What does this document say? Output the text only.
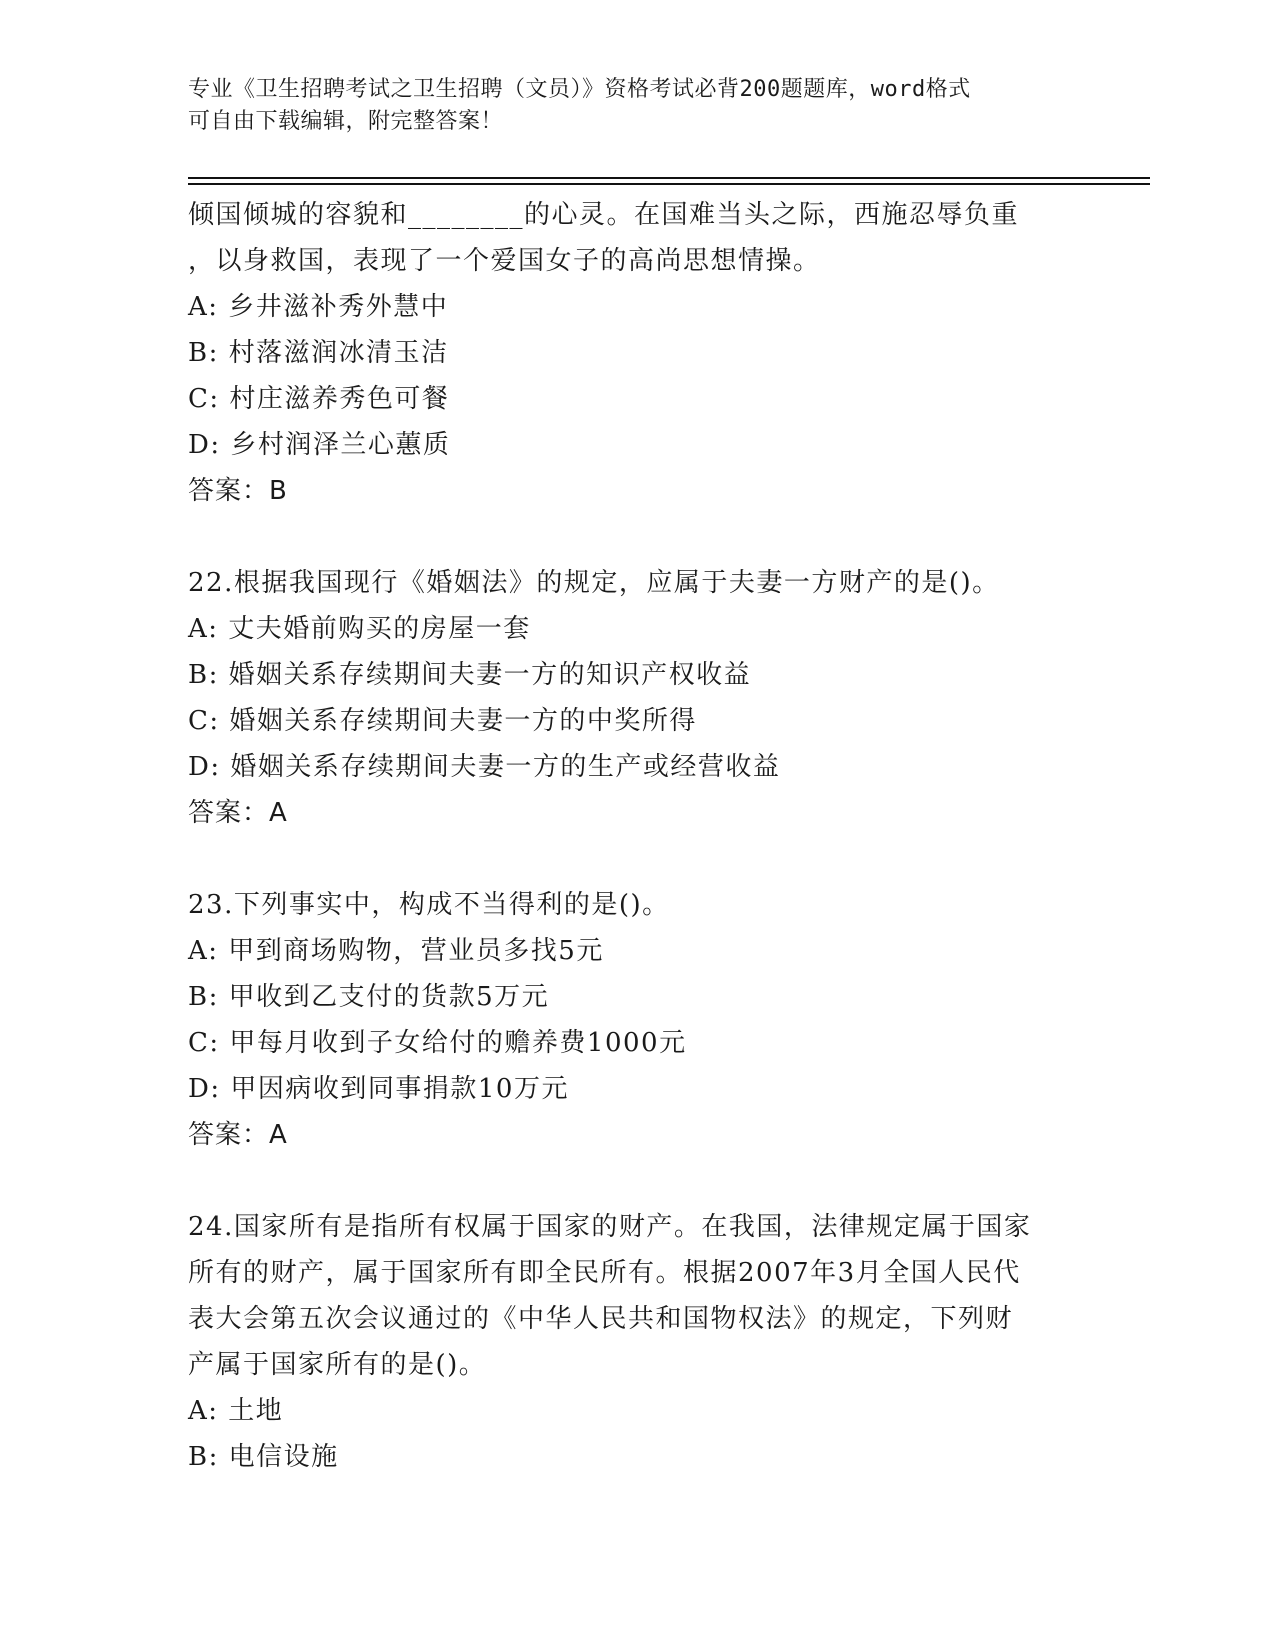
专业《卫生招聘考试之卫生招聘（文员）》资格考试必背200题题库，word格式
可自由下载编辑，附完整答案！
倾国倾城的容貌和________的心灵。在国难当头之际，西施忍辱负重
，以身救国，表现了一个爱国女子的高尚思想情操。
A: 乡井滋补秀外慧中
B: 村落滋润冰清玉洁
C: 村庄滋养秀色可餐
D: 乡村润泽兰心蕙质
答案：B
22.根据我国现行《婚姻法》的规定，应属于夫妻一方财产的是()。
A: 丈夫婚前购买的房屋一套
B: 婚姻关系存续期间夫妻一方的知识产权收益
C: 婚姻关系存续期间夫妻一方的中奖所得
D: 婚姻关系存续期间夫妻一方的生产或经营收益
答案：A
23.下列事实中，构成不当得利的是()。
A: 甲到商场购物，营业员多找5元
B: 甲收到乙支付的货款5万元
C: 甲每月收到子女给付的赡养费1000元
D: 甲因病收到同事捐款10万元
答案：A
24.国家所有是指所有权属于国家的财产。在我国，法律规定属于国家
所有的财产，属于国家所有即全民所有。根据2007年3月全国人民代
表大会第五次会议通过的《中华人民共和国物权法》的规定，下列财
产属于国家所有的是()。
A: 土地
B: 电信设施
